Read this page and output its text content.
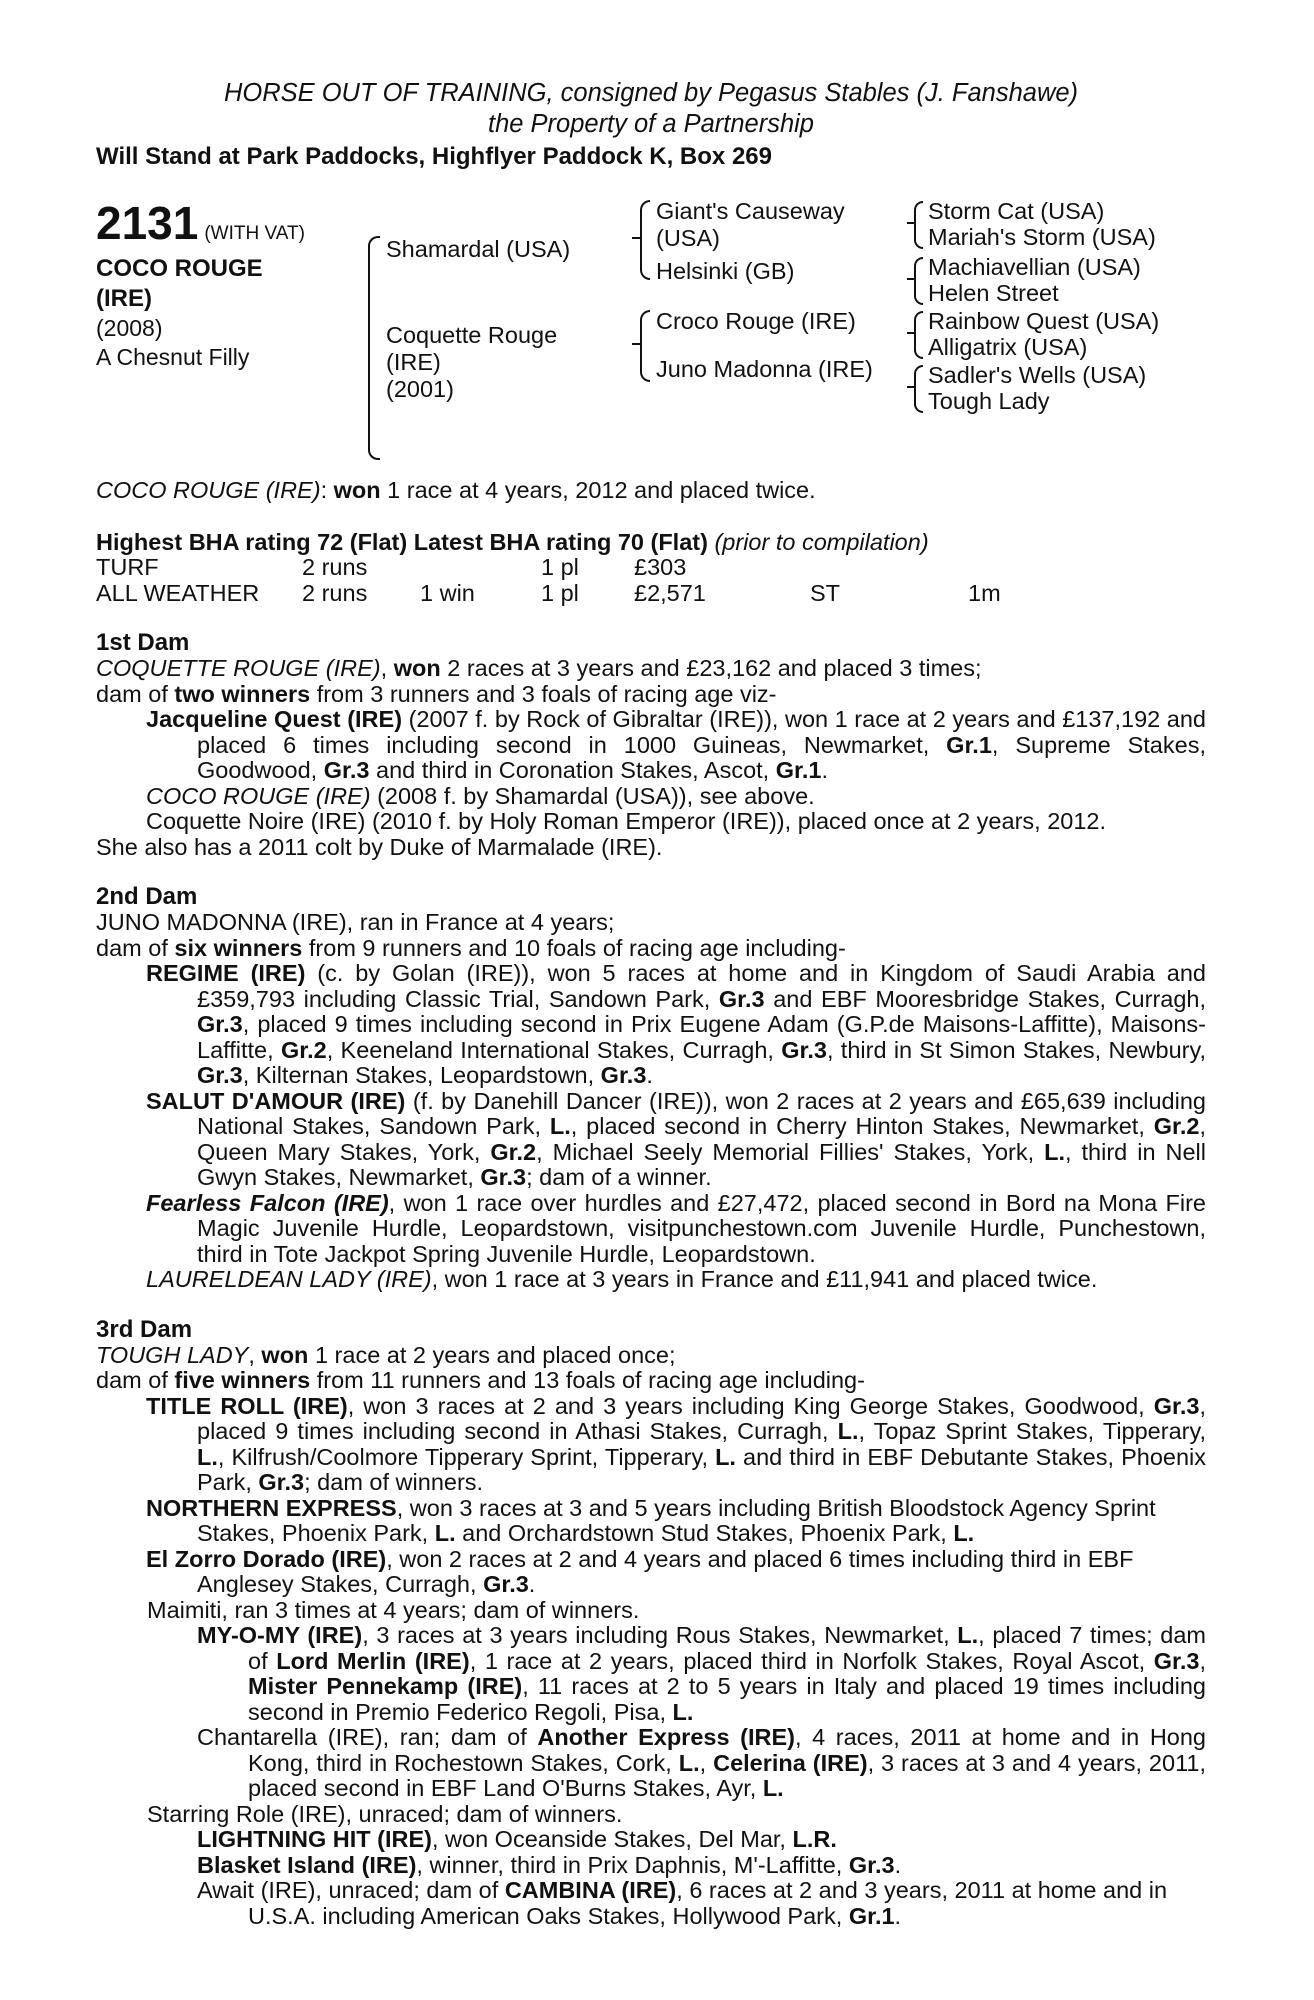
HORSE OUT OF TRAINING, consigned by Pegasus Stables (J. Fanshawe)
the Property of a Partnership
Will Stand at Park Paddocks, Highflyer Paddock K, Box 269
2131 (WITH VAT)
COCO ROUGE
(IRE)
(2008)
A Chesnut Filly
Shamardal (USA)
Coquette Rouge
(IRE)
(2001)
Giant's Causeway
(USA)
Helsinki (GB)
Croco Rouge (IRE)
Juno Madonna (IRE)
Storm Cat (USA)
Mariah's Storm (USA)
Machiavellian (USA)
Helen Street
Rainbow Quest (USA)
Alligatrix (USA)
Sadler's Wells (USA)
Tough Lady

COCO ROUGE (IRE): won 1 race at 4 years, 2012 and placed twice.

Highest BHA rating 72 (Flat) Latest BHA rating 70 (Flat) (prior to compilation)

TURF	2 runs		1 pl	£303		
ALL WEATHER	2 runs	1 win	1 pl	£2,571	ST	1m
1st Dam

COQUETTE ROUGE (IRE), won 2 races at 3 years and £23,162 and placed 3 times;

dam of two winners from 3 runners and 3 foals of racing age viz-

Jacqueline Quest (IRE) (2007 f. by Rock of Gibraltar (IRE)), won 1 race at 2 years and £137,192 and placed 6 times including second in 1000 Guineas, Newmarket, Gr.1, Supreme Stakes, Goodwood, Gr.3 and third in Coronation Stakes, Ascot, Gr.1.

COCO ROUGE (IRE) (2008 f. by Shamardal (USA)), see above.

Coquette Noire (IRE) (2010 f. by Holy Roman Emperor (IRE)), placed once at 2 years, 2012.

She also has a 2011 colt by Duke of Marmalade (IRE).

2nd Dam

JUNO MADONNA (IRE), ran in France at 4 years;

dam of six winners from 9 runners and 10 foals of racing age including-

REGIME (IRE) (c. by Golan (IRE)), won 5 races at home and in Kingdom of Saudi Arabia and £359,793 including Classic Trial, Sandown Park, Gr.3 and EBF Mooresbridge Stakes, Curragh, Gr.3, placed 9 times including second in Prix Eugene Adam (G.P.de Maisons-Laffitte), Maisons-Laffitte, Gr.2, Keeneland International Stakes, Curragh, Gr.3, third in St Simon Stakes, Newbury, Gr.3, Kilternan Stakes, Leopardstown, Gr.3.

SALUT D'AMOUR (IRE) (f. by Danehill Dancer (IRE)), won 2 races at 2 years and £65,639 including National Stakes, Sandown Park, L., placed second in Cherry Hinton Stakes, Newmarket, Gr.2, Queen Mary Stakes, York, Gr.2, Michael Seely Memorial Fillies' Stakes, York, L., third in Nell Gwyn Stakes, Newmarket, Gr.3; dam of a winner.

Fearless Falcon (IRE), won 1 race over hurdles and £27,472, placed second in Bord na Mona Fire Magic Juvenile Hurdle, Leopardstown, visitpunchestown.com Juvenile Hurdle, Punchestown, third in Tote Jackpot Spring Juvenile Hurdle, Leopardstown.

LAURELDEAN LADY (IRE), won 1 race at 3 years in France and £11,941 and placed twice.

3rd Dam

TOUGH LADY, won 1 race at 2 years and placed once;

dam of five winners from 11 runners and 13 foals of racing age including-

TITLE ROLL (IRE), won 3 races at 2 and 3 years including King George Stakes, Goodwood, Gr.3, placed 9 times including second in Athasi Stakes, Curragh, L., Topaz Sprint Stakes, Tipperary, L., Kilfrush/Coolmore Tipperary Sprint, Tipperary, L. and third in EBF Debutante Stakes, Phoenix Park, Gr.3; dam of winners.

NORTHERN EXPRESS, won 3 races at 3 and 5 years including British Bloodstock Agency Sprint Stakes, Phoenix Park, L. and Orchardstown Stud Stakes, Phoenix Park, L.

El Zorro Dorado (IRE), won 2 races at 2 and 4 years and placed 6 times including third in EBF Anglesey Stakes, Curragh, Gr.3.

Maimiti, ran 3 times at 4 years; dam of winners.

MY-O-MY (IRE), 3 races at 3 years including Rous Stakes, Newmarket, L., placed 7 times; dam of Lord Merlin (IRE), 1 race at 2 years, placed third in Norfolk Stakes, Royal Ascot, Gr.3, Mister Pennekamp (IRE), 11 races at 2 to 5 years in Italy and placed 19 times including second in Premio Federico Regoli, Pisa, L.

Chantarella (IRE), ran; dam of Another Express (IRE), 4 races, 2011 at home and in Hong Kong, third in Rochestown Stakes, Cork, L., Celerina (IRE), 3 races at 3 and 4 years, 2011, placed second in EBF Land O'Burns Stakes, Ayr, L.

Starring Role (IRE), unraced; dam of winners.

LIGHTNING HIT (IRE), won Oceanside Stakes, Del Mar, L.R.

Blasket Island (IRE), winner, third in Prix Daphnis, M'-Laffitte, Gr.3.

Await (IRE), unraced; dam of CAMBINA (IRE), 6 races at 2 and 3 years, 2011 at home and in U.S.A. including American Oaks Stakes, Hollywood Park, Gr.1.
